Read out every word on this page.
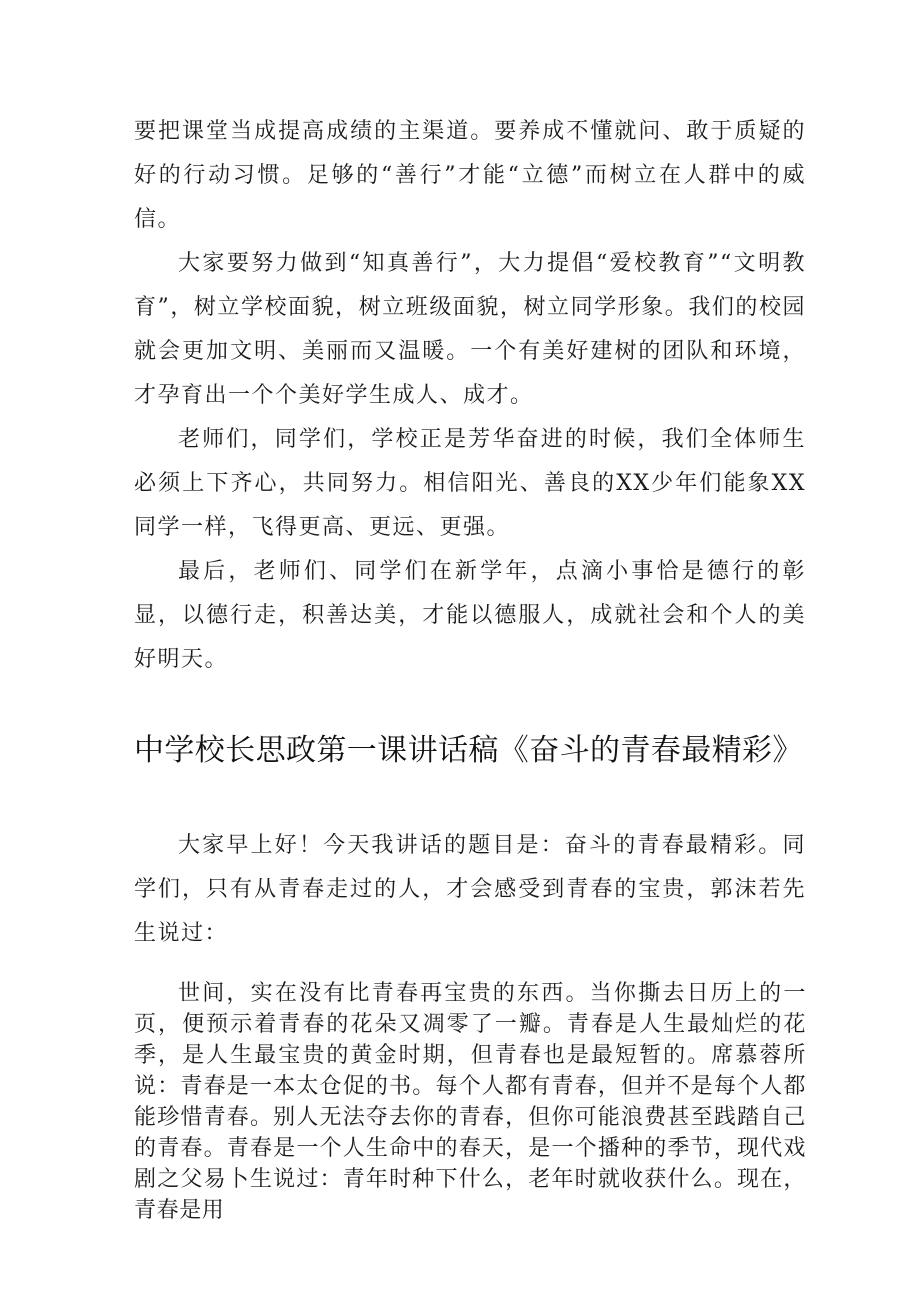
要把课堂当成提高成绩的主渠道。要养成不懂就问、敢于质疑的好的行动习惯。足够的“善行”才能“立德”而树立在人群中的威信。

大家要努力做到“知真善行”，大力提倡“爱校教育”“文明教育”，树立学校面貌，树立班级面貌，树立同学形象。我们的校园就会更加文明、美丽而又温暖。一个有美好建树的团队和环境，才孕育出一个个美好学生成人、成才。

老师们，同学们，学校正是芳华奋进的时候，我们全体师生必须上下齐心，共同努力。相信阳光、善良的XX少年们能象XX同学一样，飞得更高、更远、更强。

最后，老师们、同学们在新学年，点滴小事恰是德行的彰显，以德行走，积善达美，才能以德服人，成就社会和个人的美好明天。

中学校长思政第一课讲话稿《奋斗的青春最精彩》

大家早上好！今天我讲话的题目是：奋斗的青春最精彩。同学们，只有从青春走过的人，才会感受到青春的宝贵，郭沫若先生说过：

世间，实在没有比青春再宝贵的东西。当你撕去日历上的一页，便预示着青春的花朵又凋零了一瓣。青春是人生最灿烂的花季，是人生最宝贵的黄金时期，但青春也是最短暂的。席慕蓉所说：青春是一本太仓促的书。每个人都有青春，但并不是每个人都能珍惜青春。别人无法夺去你的青春，但你可能浪费甚至践踏自己的青春。青春是一个人生命中的春天，是一个播种的季节，现代戏剧之父易卜生说过：青年时种下什么，老年时就收获什么。现在，青春是用
